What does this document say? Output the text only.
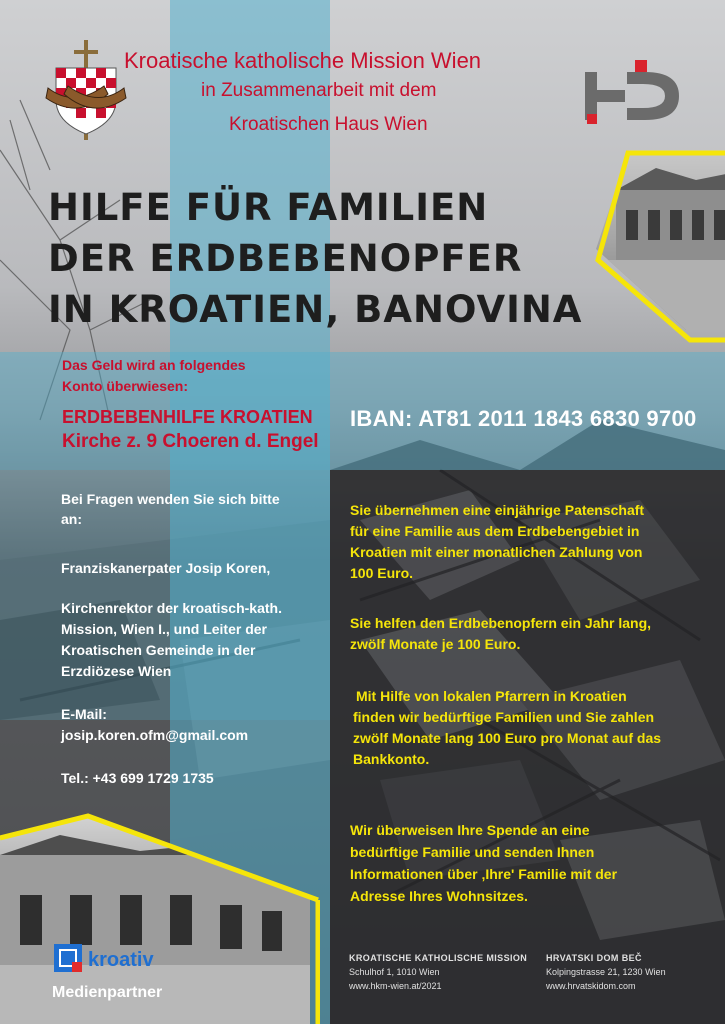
Kroatische katholische Mission Wien
in Zusammenarbeit mit dem
Kroatischen Haus Wien
HILFE FÜR FAMILIEN
DER ERDBEBENOPFER
IN KROATIEN, BANOVINA
Das Geld wird an folgendes
Konto überwiesen:
ERDBEBENHILFE KROATIEN
Kirche z. 9 Choeren d. Engel
IBAN: AT81 2011 1843 6830 9700
Bei Fragen wenden Sie sich bitte
an:
Franziskanerpater Josip Koren,
Kirchenrektor der kroatisch-kath.
Mission, Wien I., und Leiter der
Kroatischen Gemeinde in der
Erzdiözese Wien
E-Mail:
josip.koren.ofm@gmail.com
Tel.: +43 699 1729 1735
Sie übernehmen eine einjährige Patenschaft
für eine Familie aus dem Erdbebengebiet in
Kroatien mit einer monatlichen Zahlung von
100 Euro.
Sie helfen den Erdbebenopfern ein Jahr lang,
zwölf Monate je 100 Euro.
Mit Hilfe von lokalen Pfarrern in Kroatien
finden wir bedürftige Familien und Sie zahlen
zwölf Monate lang 100 Euro pro Monat auf das
Bankkonto.
Wir überweisen Ihre Spende an eine
bedürftige Familie und senden Ihnen
Informationen über ‚Ihre' Familie mit der
Adresse Ihres Wohnsitzes.
kroativ
Medienpartner
KROATISCHE KATHOLISCHE MISSION
Schulhof 1, 1010 Wien
www.hkm-wien.at/2021
HRVATSKI DOM BEČ
Kolpingstrasse 21, 1230 Wien
www.hrvatskidom.com
